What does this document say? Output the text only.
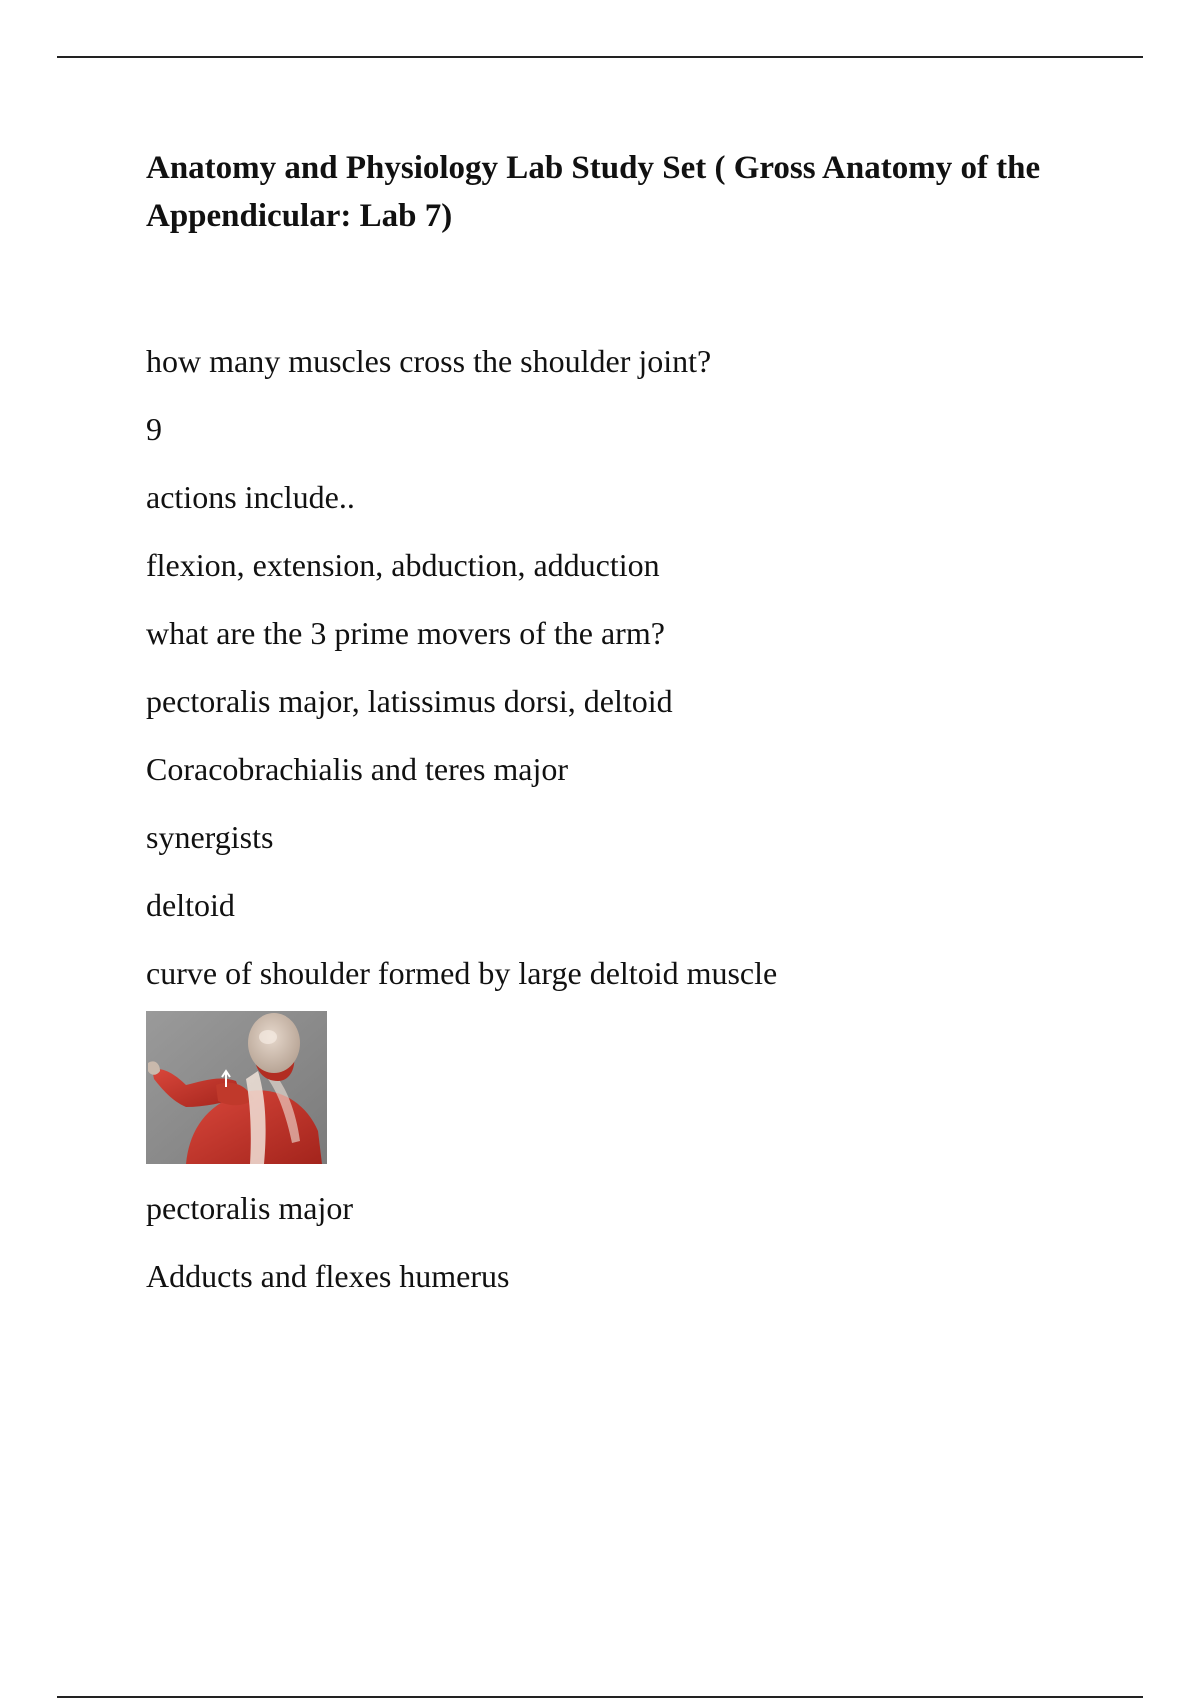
Anatomy and Physiology Lab Study Set ( Gross Anatomy of the Appendicular: Lab 7)
how many muscles cross the shoulder joint?
9
actions include..
flexion, extension, abduction, adduction
what are the 3 prime movers of the arm?
pectoralis major, latissimus dorsi, deltoid
Coracobrachialis and teres major
synergists
deltoid
curve of shoulder formed by large deltoid muscle
pectoralis major
Adducts and flexes humerus
